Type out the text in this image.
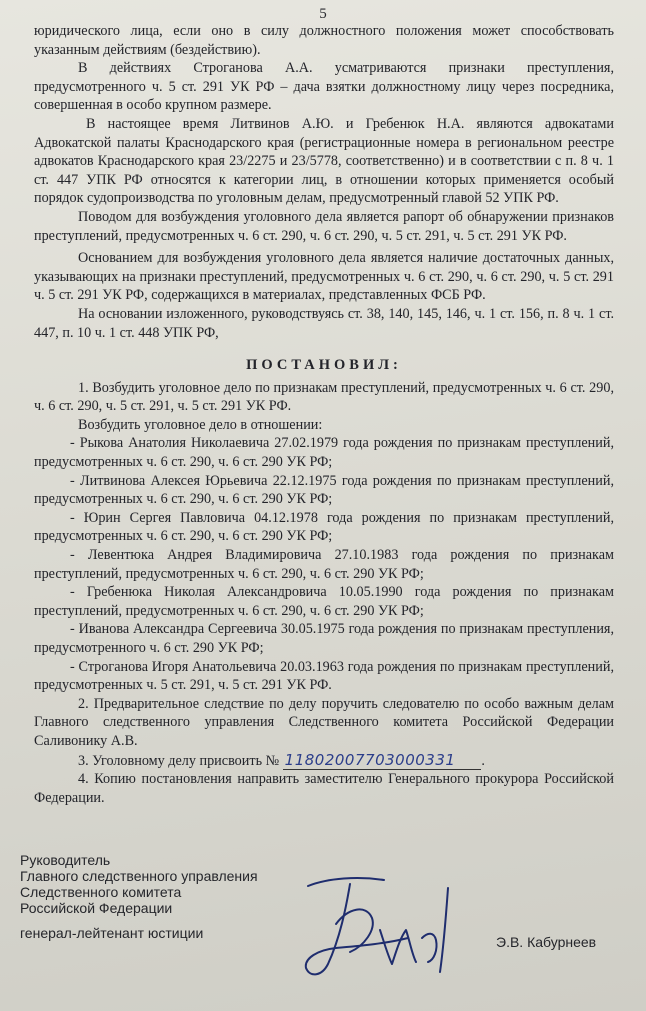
5

юридического лица, если оно в силу должностного положения может способствовать указанным действиям (бездействию).

В действиях Строганова А.А. усматриваются признаки преступления, предусмотренного ч. 5 ст. 291 УК РФ – дача взятки должностному лицу через посредника, совершенная в особо крупном размере.

В настоящее время Литвинов А.Ю. и Гребенюк Н.А. являются адвокатами Адвокатской палаты Краснодарского края (регистрационные номера в региональном реестре адвокатов Краснодарского края 23/2275 и 23/5778, соответственно) и в соответствии с п. 8 ч. 1 ст. 447 УПК РФ относятся к категории лиц, в отношении которых применяется особый порядок судопроизводства по уголовным делам, предусмотренный главой 52 УПК РФ.

Поводом для возбуждения уголовного дела является рапорт об обнаружении признаков преступлений, предусмотренных ч. 6 ст. 290, ч. 6 ст. 290, ч. 5 ст. 291, ч. 5 ст. 291 УК РФ.

Основанием для возбуждения уголовного дела является наличие достаточных данных, указывающих на признаки преступлений, предусмотренных ч. 6 ст. 290, ч. 6 ст. 290, ч. 5 ст. 291 ч. 5 ст. 291 УК РФ, содержащихся в материалах, представленных ФСБ РФ.

На основании изложенного, руководствуясь ст. 38, 140, 145, 146, ч. 1 ст. 156, п. 8 ч. 1 ст. 447, п. 10 ч. 1 ст. 448 УПК РФ,

ПОСТАНОВИЛ:

1. Возбудить уголовное дело по признакам преступлений, предусмотренных ч. 6 ст. 290, ч. 6 ст. 290, ч. 5 ст. 291, ч. 5 ст. 291 УК РФ.

Возбудить уголовное дело в отношении:

- Рыкова Анатолия Николаевича 27.02.1979 года рождения по признакам преступлений, предусмотренных ч. 6 ст. 290, ч. 6 ст. 290 УК РФ;

- Литвинова Алексея Юрьевича 22.12.1975 года рождения по признакам преступлений, предусмотренных ч. 6 ст. 290, ч. 6 ст. 290 УК РФ;

- Юрин Сергея Павловича 04.12.1978 года рождения по признакам преступлений, предусмотренных ч. 6 ст. 290, ч. 6 ст. 290 УК РФ;

- Левентюка Андрея Владимировича 27.10.1983 года рождения по признакам преступлений, предусмотренных ч. 6 ст. 290, ч. 6 ст. 290 УК РФ;

- Гребенюка Николая Александровича 10.05.1990 года рождения по признакам преступлений, предусмотренных ч. 6 ст. 290, ч. 6 ст. 290 УК РФ;

- Иванова Александра Сергеевича 30.05.1975 года рождения по признакам преступления, предусмотренного ч. 6 ст. 290 УК РФ;

- Строганова Игоря Анатольевича 20.03.1963 года рождения по признакам преступлений, предусмотренных ч. 5 ст. 291, ч. 5 ст. 291 УК РФ.

2. Предварительное следствие по делу поручить следователю по особо важным делам Главного следственного управления Следственного комитета Российской Федерации Саливонику А.В.

3. Уголовному делу присвоить № 11802007703000331 .

4. Копию постановления направить заместителю Генерального прокурора Российской Федерации.

Руководитель
Главного следственного управления
Следственного комитета
Российской Федерации
генерал-лейтенант юстиции
Э.В. Кабурнеев
